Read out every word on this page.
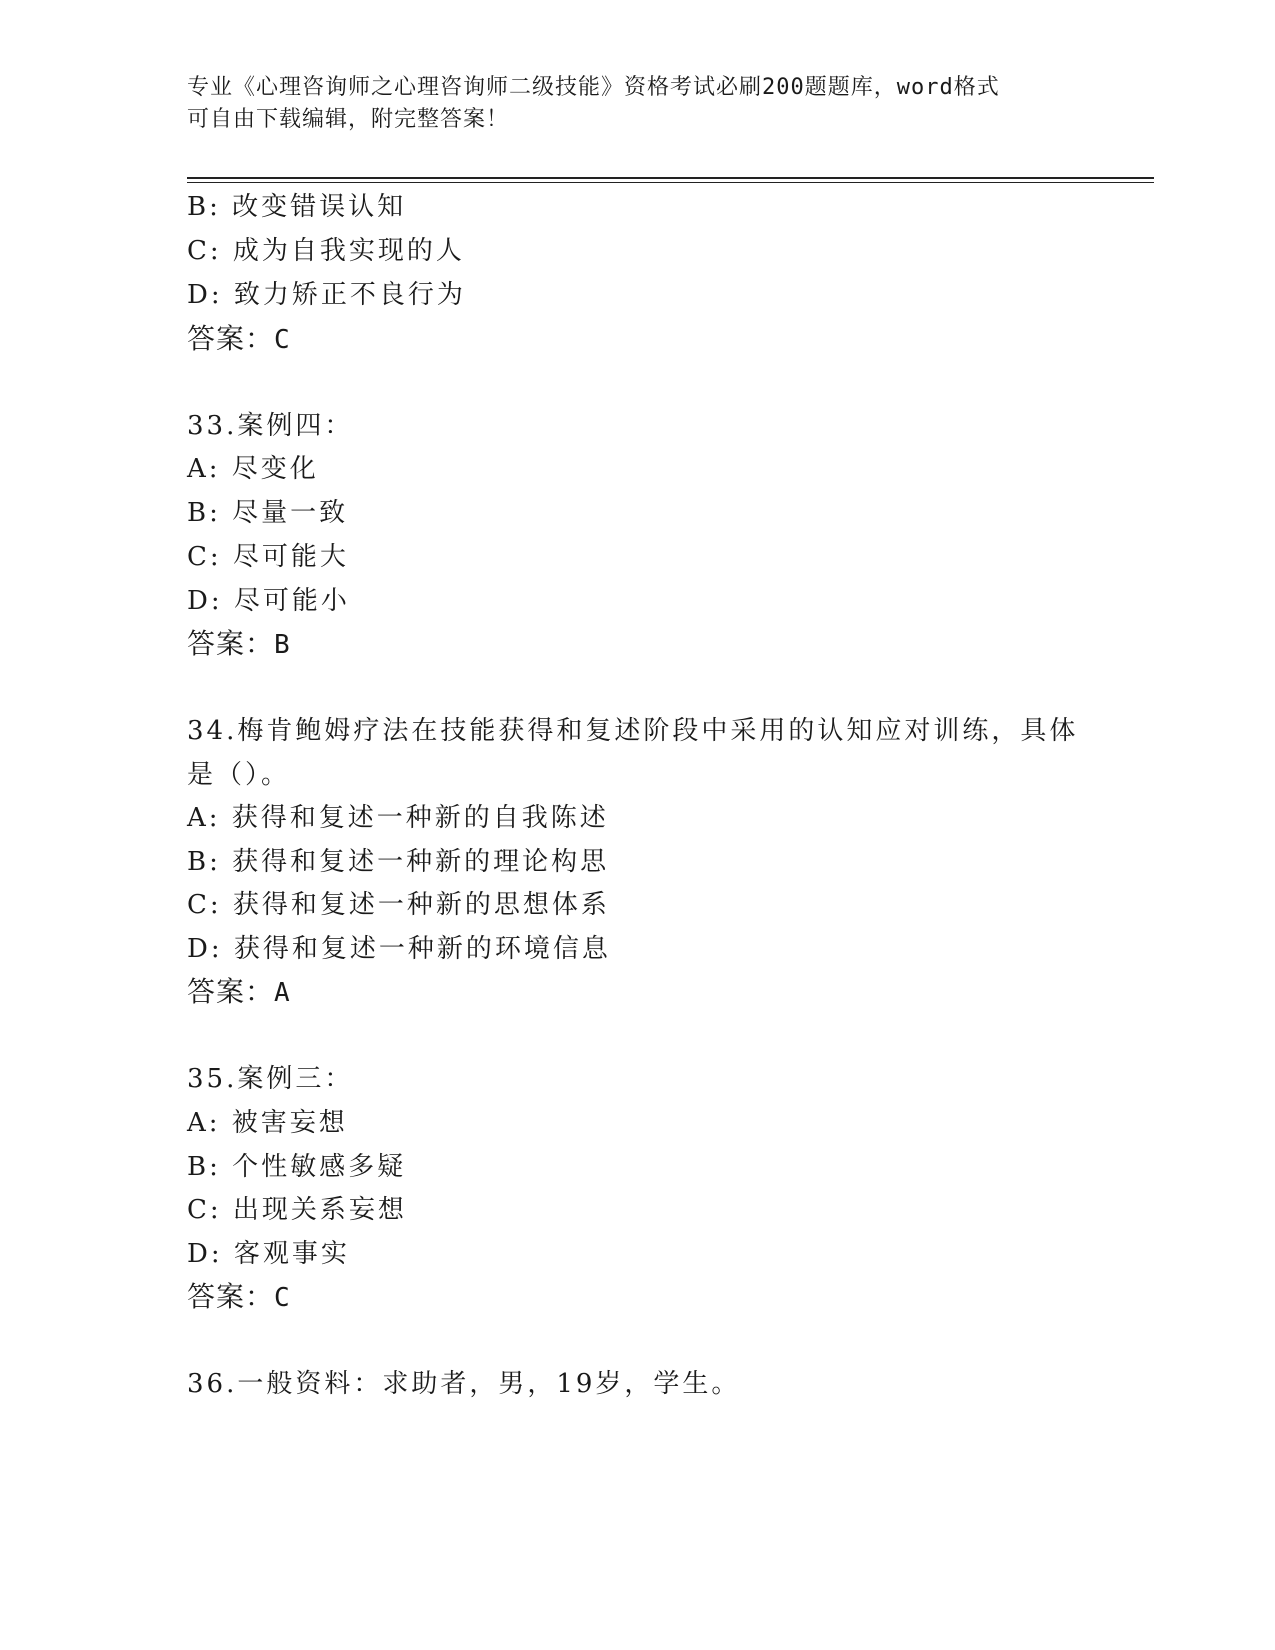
专业《心理咨询师之心理咨询师二级技能》资格考试必刷200题题库，word格式
可自由下载编辑，附完整答案！
B: 改变错误认知
C: 成为自我实现的人
D: 致力矫正不良行为
答案：C
33.案例四：
A: 尽变化
B: 尽量一致
C: 尽可能大
D: 尽可能小
答案：B
34.梅肯鲍姆疗法在技能获得和复述阶段中采用的认知应对训练，具体
是（）。
A: 获得和复述一种新的自我陈述
B: 获得和复述一种新的理论构思
C: 获得和复述一种新的思想体系
D: 获得和复述一种新的环境信息
答案：A
35.案例三：
A: 被害妄想
B: 个性敏感多疑
C: 出现关系妄想
D: 客观事实
答案：C
36.一般资料：求助者，男，19岁，学生。
